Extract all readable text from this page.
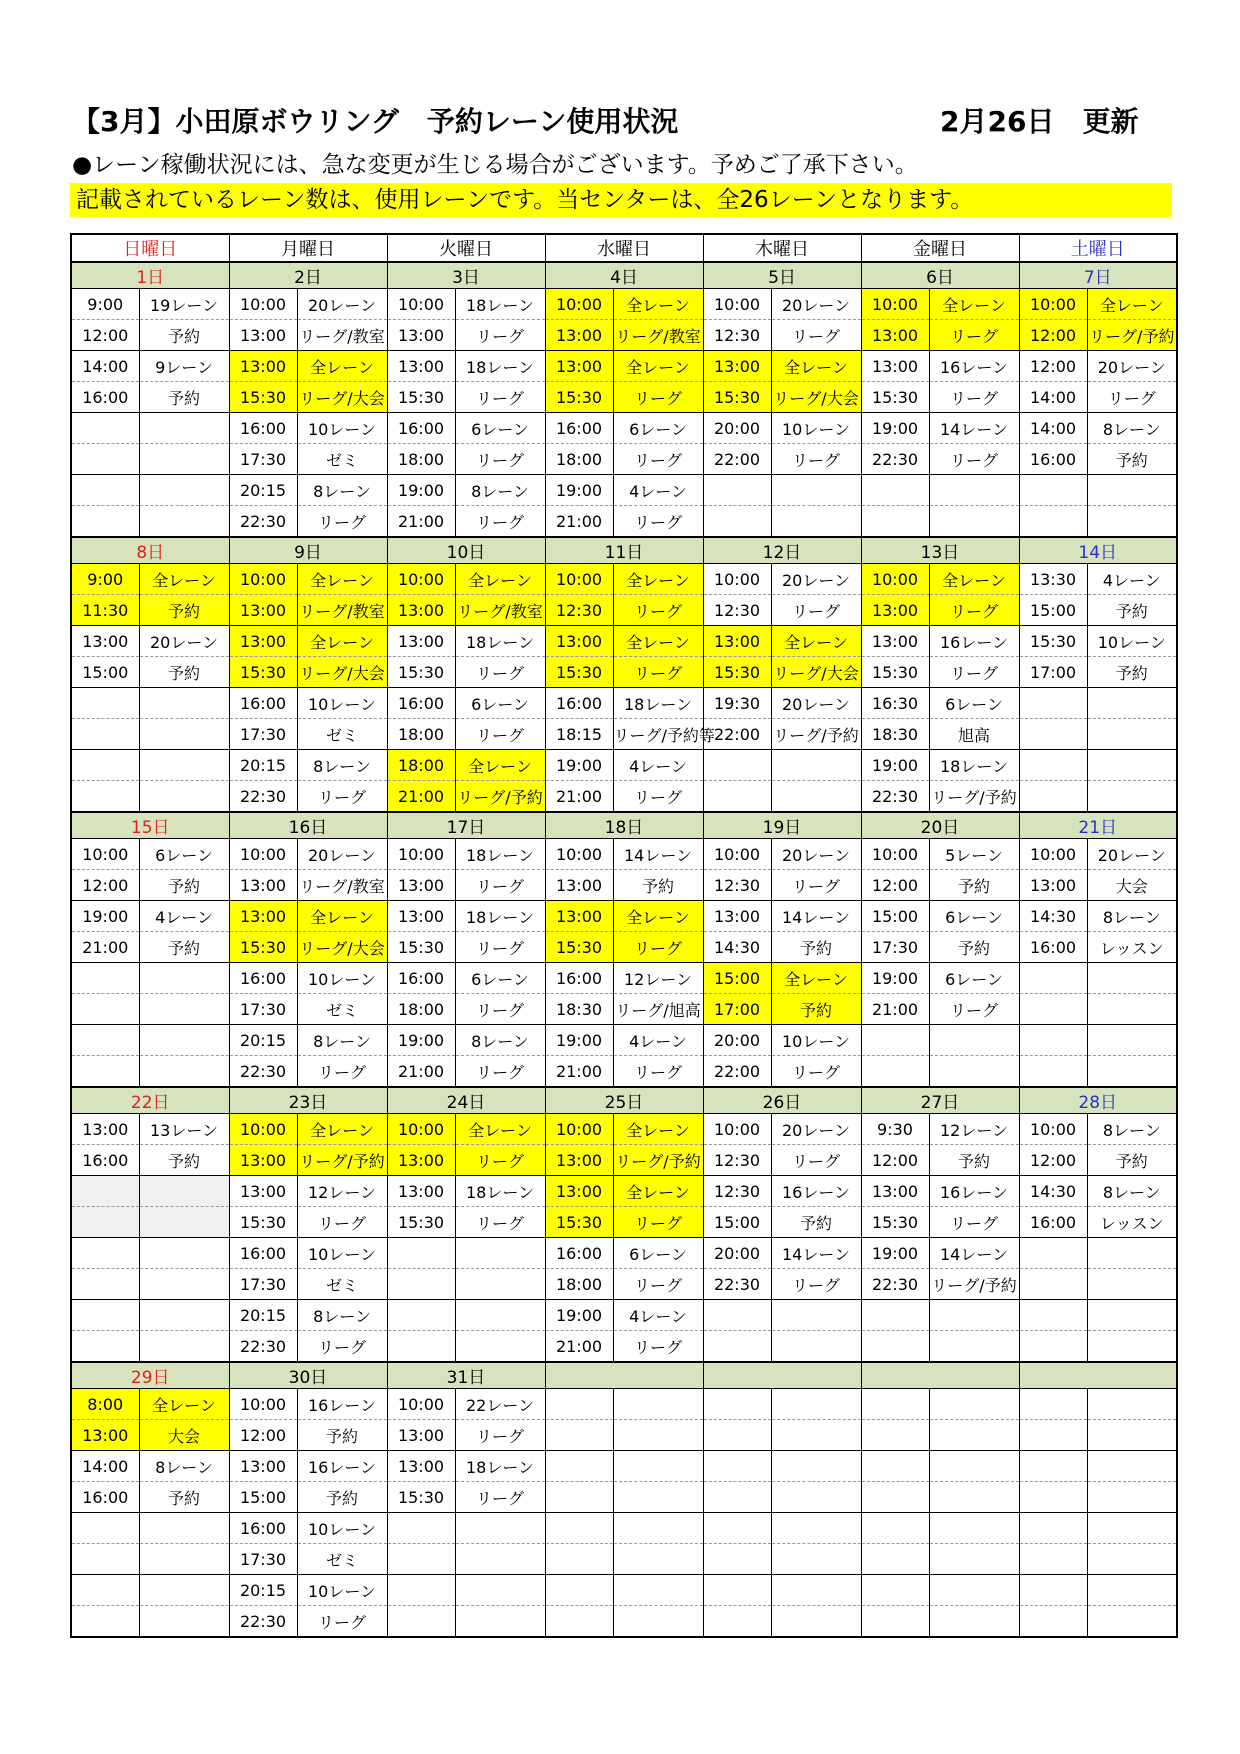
【3月】小田原ボウリング　予約レーン使用状況	2月26日　更新
●レーン稼働状況には、急な変更が生じる場合がございます。予めご了承下さい。
記載されているレーン数は、使用レーンです。当センターは、全26レーンとなります。
日曜日		月曜日		火曜日		水曜日		木曜日		金曜日		土曜日	
1日		2日		3日		4日		5日		6日		7日	
9:00	19レーン	10:00	20レーン	10:00	18レーン	10:00	全レーン	10:00	20レーン	10:00	全レーン	10:00	全レーン
12:00	予約	13:00	リーグ/教室	13:00	リーグ	13:00	リーグ/教室	12:30	リーグ	13:00	リーグ	12:00	リーグ/予約
14:00	9レーン	13:00	全レーン	13:00	18レーン	13:00	全レーン	13:00	全レーン	13:00	16レーン	12:00	20レーン
16:00	予約	15:30	リーグ/大会	15:30	リーグ	15:30	リーグ	15:30	リーグ/大会	15:30	リーグ	14:00	リーグ
		16:00	10レーン	16:00	6レーン	16:00	6レーン	20:00	10レーン	19:00	14レーン	14:00	8レーン
		17:30	ゼミ	18:00	リーグ	18:00	リーグ	22:00	リーグ	22:30	リーグ	16:00	予約
		20:15	8レーン	19:00	8レーン	19:00	4レーン						
		22:30	リーグ	21:00	リーグ	21:00	リーグ						
8日		9日		10日		11日		12日		13日		14日	
9:00	全レーン	10:00	全レーン	10:00	全レーン	10:00	全レーン	10:00	20レーン	10:00	全レーン	13:30	4レーン
11:30	予約	13:00	リーグ/教室	13:00	リーグ/教室	12:30	リーグ	12:30	リーグ	13:00	リーグ	15:00	予約
13:00	20レーン	13:00	全レーン	13:00	18レーン	13:00	全レーン	13:00	全レーン	13:00	16レーン	15:30	10レーン
15:00	予約	15:30	リーグ/大会	15:30	リーグ	15:30	リーグ	15:30	リーグ/大会	15:30	リーグ	17:00	予約
		16:00	10レーン	16:00	6レーン	16:00	18レーン	19:30	20レーン	16:30	6レーン		
		17:30	ゼミ	18:00	リーグ	18:15	リーグ/予約等	22:00	リーグ/予約	18:30	旭高		
		20:15	8レーン	18:00	全レーン	19:00	4レーン			19:00	18レーン		
		22:30	リーグ	21:00	リーグ/予約	21:00	リーグ			22:30	リーグ/予約		
15日		16日		17日		18日		19日		20日		21日	
10:00	6レーン	10:00	20レーン	10:00	18レーン	10:00	14レーン	10:00	20レーン	10:00	5レーン	10:00	20レーン
12:00	予約	13:00	リーグ/教室	13:00	リーグ	13:00	予約	12:30	リーグ	12:00	予約	13:00	大会
19:00	4レーン	13:00	全レーン	13:00	18レーン	13:00	全レーン	13:00	14レーン	15:00	6レーン	14:30	8レーン
21:00	予約	15:30	リーグ/大会	15:30	リーグ	15:30	リーグ	14:30	予約	17:30	予約	16:00	レッスン
		16:00	10レーン	16:00	6レーン	16:00	12レーン	15:00	全レーン	19:00	6レーン		
		17:30	ゼミ	18:00	リーグ	18:30	リーグ/旭高	17:00	予約	21:00	リーグ		
		20:15	8レーン	19:00	8レーン	19:00	4レーン	20:00	10レーン				
		22:30	リーグ	21:00	リーグ	21:00	リーグ	22:00	リーグ				
22日		23日		24日		25日		26日		27日		28日	
13:00	13レーン	10:00	全レーン	10:00	全レーン	10:00	全レーン	10:00	20レーン	9:30	12レーン	10:00	8レーン
16:00	予約	13:00	リーグ/予約	13:00	リーグ	13:00	リーグ/予約	12:30	リーグ	12:00	予約	12:00	予約
		13:00	12レーン	13:00	18レーン	13:00	全レーン	12:30	16レーン	13:00	16レーン	14:30	8レーン
		15:30	リーグ	15:30	リーグ	15:30	リーグ	15:00	予約	15:30	リーグ	16:00	レッスン
		16:00	10レーン			16:00	6レーン	20:00	14レーン	19:00	14レーン		
		17:30	ゼミ			18:00	リーグ	22:30	リーグ	22:30	リーグ/予約		
		20:15	8レーン			19:00	4レーン						
		22:30	リーグ			21:00	リーグ						
29日		30日		31日									
8:00	全レーン	10:00	16レーン	10:00	22レーン								
13:00	大会	12:00	予約	13:00	リーグ								
14:00	8レーン	13:00	16レーン	13:00	18レーン								
16:00	予約	15:00	予約	15:30	リーグ								
		16:00	10レーン										
		17:30	ゼミ										
		20:15	10レーン										
		22:30	リーグ										
